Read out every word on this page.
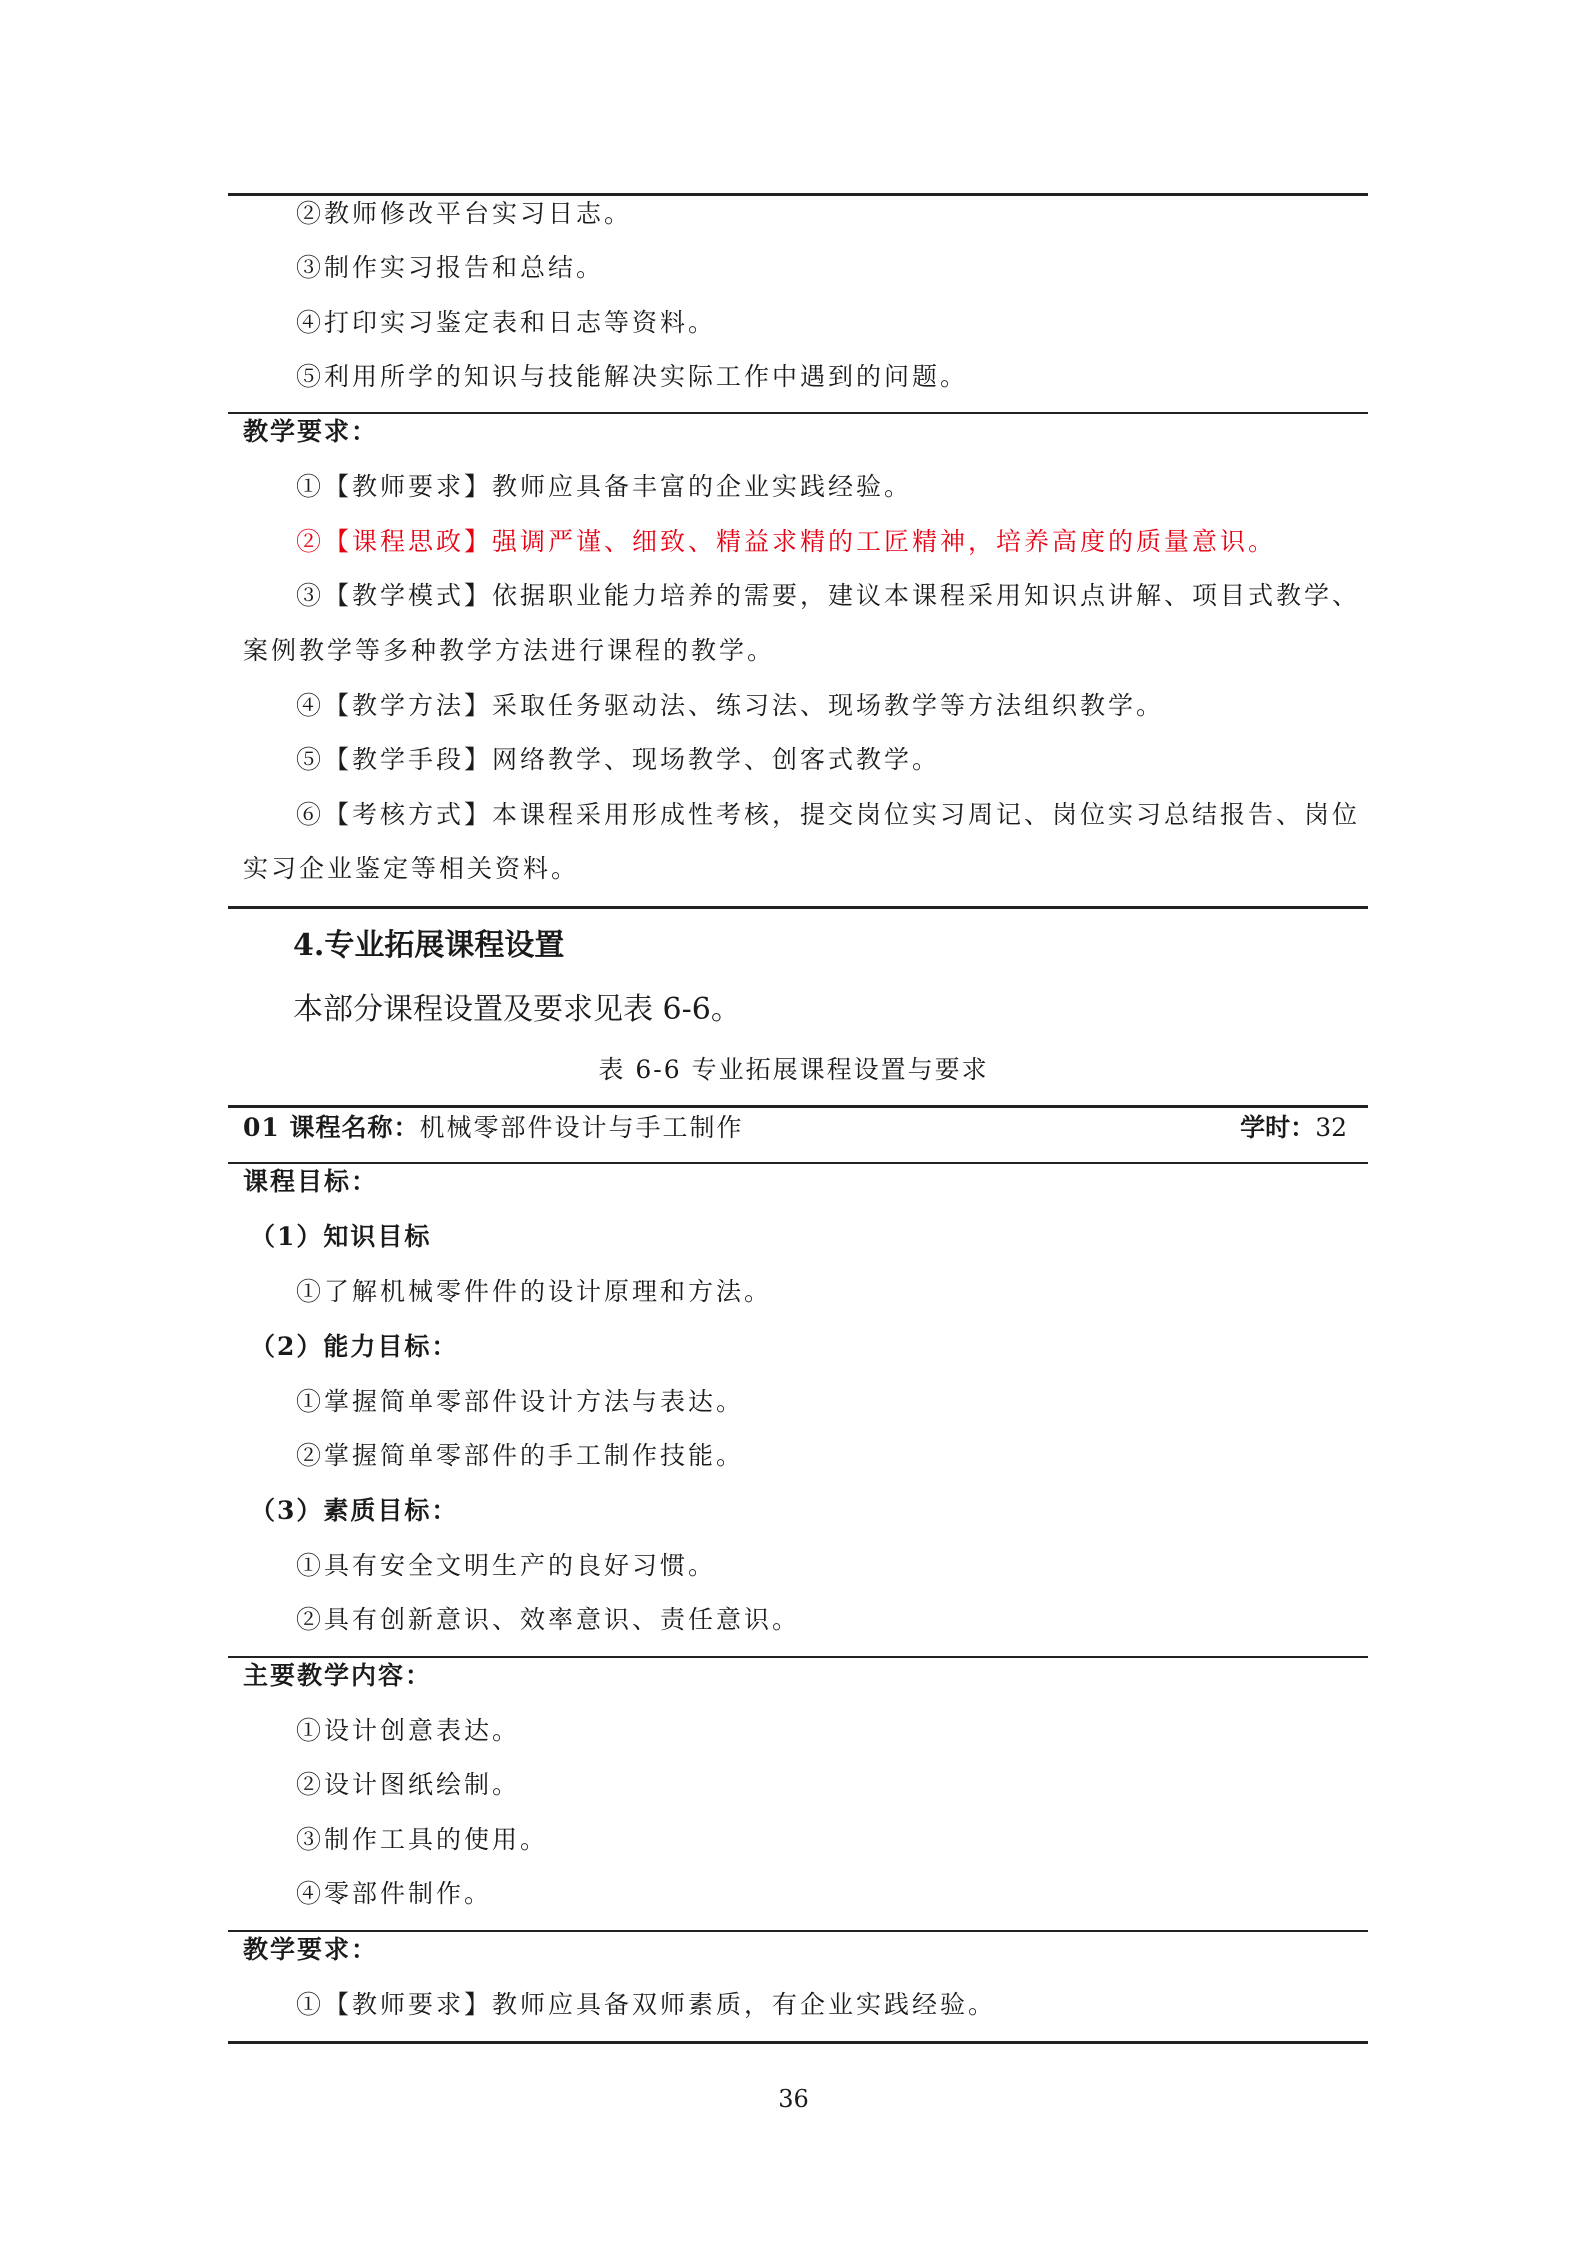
②教师修改平台实习日志。
③制作实习报告和总结。
④打印实习鉴定表和日志等资料。
⑤利用所学的知识与技能解决实际工作中遇到的问题。
教学要求：
①【教师要求】教师应具备丰富的企业实践经验。
②【课程思政】强调严谨、细致、精益求精的工匠精神，培养高度的质量意识。
③【教学模式】依据职业能力培养的需要，建议本课程采用知识点讲解、项目式教学、
案例教学等多种教学方法进行课程的教学。
④【教学方法】采取任务驱动法、练习法、现场教学等方法组织教学。
⑤【教学手段】网络教学、现场教学、创客式教学。
⑥【考核方式】本课程采用形成性考核，提交岗位实习周记、岗位实习总结报告、岗位
实习企业鉴定等相关资料。
4.专业拓展课程设置
本部分课程设置及要求见表 6-6。
表 6-6 专业拓展课程设置与要求
01 课程名称：机械零部件设计与手工制作	学时：32
课程目标：
（1）知识目标
①了解机械零件件的设计原理和方法。
（2）能力目标：
①掌握简单零部件设计方法与表达。
②掌握简单零部件的手工制作技能。
（3）素质目标：
①具有安全文明生产的良好习惯。
②具有创新意识、效率意识、责任意识。
主要教学内容：
①设计创意表达。
②设计图纸绘制。
③制作工具的使用。
④零部件制作。
教学要求：
①【教师要求】教师应具备双师素质，有企业实践经验。
36
